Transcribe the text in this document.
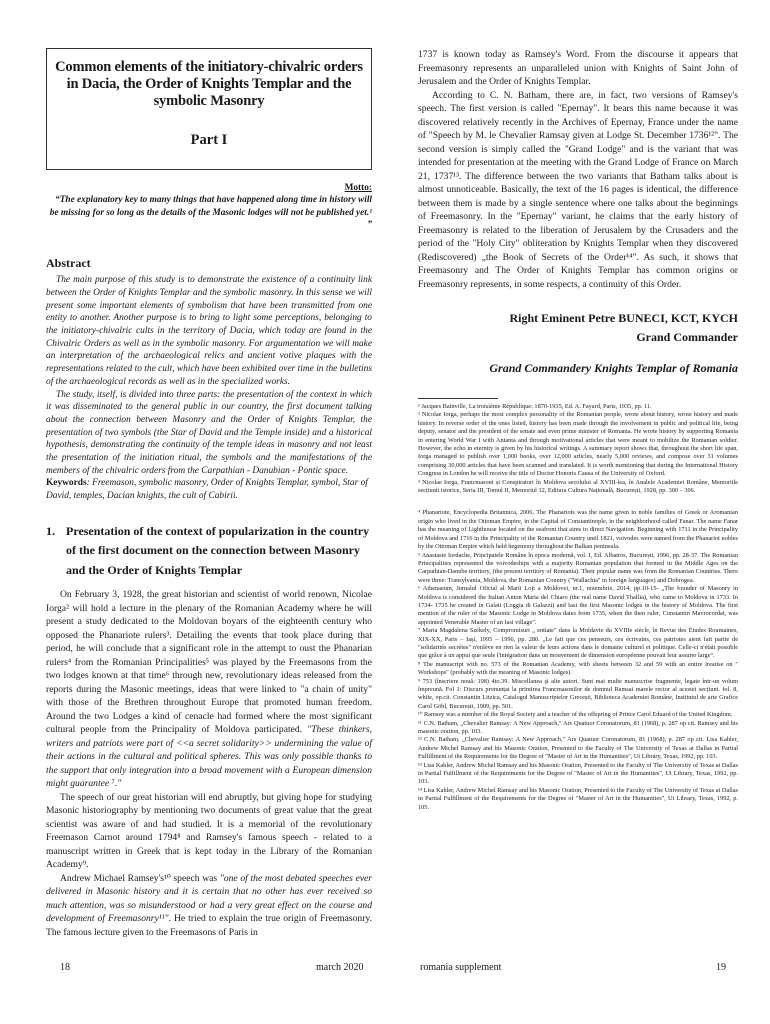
Common elements of the initiatory-chivalric orders in Dacia, the Order of Knights Templar and the symbolic Masonry
Part I
Motto:
“The explanatory key to many things that have happened along time in history will be missing for so long as the details of the Masonic lodges will not be published yet.¹ ”
Abstract

The main purpose of this study is to demonstrate the existence of a continuity link between the Order of Knights Templar and the symbolic masonry. In this sense we will present some important elements of symbolism that have been transmitted from one entity to another. Another purpose is to bring to light some perceptions, belonging to the initiatory-chivalric cults in the territory of Dacia, which today are found in the Chivalric Orders as well as in the symbolic masonry. For argumentation we will make an interpretation of the archaeological relics and ancient votive plaques with the representations related to the cult, which have been exhibited over time in the bulletins of the archaeological records as well as in the specialized works.

The study, itself, is divided into three parts: the presentation of the context in which it was disseminated to the general public in our country, the first document talking about the connection between Masonry and the Order of Knights Templar, the presentation of two symbols (the Star of David and the Temple inside) and a historical hypothesis, demonstrating the continuity of the temple ideas in masonry and not least the presentation of the initiation ritual, the symbols and the manifestations of the members of the chivalric orders from the Carpathian - Danubian - Pontic space.

Keywords: Freemason, symbolic masonry, Order of Knights Templar, symbol, Star of David, temples, Dacian knights, the cult of Cabirii.

1. Presentation of the context of popularization in the country of the first document on the connection between Masonry and the Order of Knights Templar

On February 3, 1928, the great historian and scientist of world renown, Nicolae Iorga² will hold a lecture in the plenary of the Romanian Academy where he will present a study dedicated to the Moldovan boyars of the eighteenth century who opposed the Phanariote rulers³. Detailing the events that took place during that period, he will conclude that a significant role in the attempt to oust the Phanarian rulers⁴ from the Romanian Principalities⁵ was played by the Freemasons from the two lodges known at that time⁶ through new, revolutionary ideas released from the reports during the Masonic meetings, ideas that were linked to "a chain of unity" with those of the Brethren throughout Europe that promoted human freedom. Around the two Lodges a kind of cenacle had formed where the most significant cultural people from the Principality of Moldova participated. "These thinkers, writers and patriots were part of <<a secret solidarity>> undermining the value of their actions in the cultural and political spheres. This was only possible thanks to the support that only integration into a broad movement with a European dimension might guarantee ⁷."

The speech of our great historian will end abruptly, but giving hope for studying Masonic historiography by mentioning two documents of great value that the great scientist was aware of and had studied. It is a memorial of the revolutionary Freemason Carnot around 1794⁸ and Ramsey's famous speech - related to a manuscript written in Greek that is kept today in the Library of the Romanian Academy⁹.

Andrew Michael Ramsey's¹⁰ speech was "one of the most debated speeches ever delivered in Masonic history and it is certain that no other has ever received so much attention, was so misunderstood or had a very great effect on the course and development of Freemasonry¹¹". He tried to explain the true origin of Freemasonry. The famous lecture given to the Freemasons of Paris in

1737 is known today as Ramsey's Word. From the discourse it appears that Freemasonry represents an unparalleled union with Knights of Saint John of Jerusalem and the Order of Knights Templar.

According to C. N. Batham, there are, in fact, two versions of Ramsey's speech. The first version is called "Epernay". It bears this name because it was discovered relatively recently in the Archives of Epernay, France under the name of "Speech by M. le Chevalier Ramsay given at Lodge St. December 1736¹²". The second version is simply called the "Grand Lodge" and is the variant that was intended for presentation at the meeting with the Grand Lodge of France on March 21, 1737¹³. The difference between the two variants that Batham talks about is almost unnoticeable. Basically, the text of the 16 pages is identical, the difference between them is made by a single sentence where one talks about the beginnings of Freemasonry. In the "Epernay" variant, he claims that the early history of Freemasonry is related to the liberation of Jerusalem by the Crusaders and the period of the "Holy City" obliteration by Knights Templar when they discovered (Rediscovered) „the Book of Secrets of the Order¹⁴". As such, it shows that Freemasonry and The Order of Knights Templar has common origins or Freemasonry represents, in some respects, a continuity of this Order.

Right Eminent Petre BUNECI, KCT, KYCH
Grand Commander
Grand Commandery Knights Templar of Romania

¹ Jacques Bainville, La troisième République: 1870-1935, Ed. A. Fayard, Paris, 1935, pp. 11.

² Nicolae Iorga, perhaps the most complex personality of the Romanian people, wrote about history, wrote history and made history. In reverse order of the ones listed, history has been made through the involvement in public and political life, being deputy, senator and the president of the senate and even prime minister of Romania. He wrote history by supporting Romania in entering World War I with Antanta and through motivational articles that were meant to mobilize the Romanian soldier. However, the echo in eternity is given by his historical writings. A summary report shows that, throughout the short life span, Iorga managed to publish over 1,000 books, over 12,000 articles, nearly 5,000 reviews, and compose over 31 volumes comprising 30,000 articles that have been scanned and translated. It is worth mentioning that during the International History Congress in London he will receive the title of Doctor Honoris Causa of the University of Oxford.

³ Nicolae Iorga, Francmasoni și Conspiratori în Moldova secolului al XVIII-lea, în Analele Academiei Române, Memoriile secțiunii istorice, Seria III, Tomul II, Memoriul 12, Editura Cultura Națională, București, 1928, pp. 300 – 306.

⁴ Phanariote, Encyclopedia Britannica, 2006. The Phanariots was the name given to noble families of Greek or Aromanian origin who lived in the Ottoman Empire, in the Capital of Constantinople, in the neighborhood called Fanar. The name Fanar has the meaning of Lighthouse located on the seafront that aims to direct Navigation. Beginning with 1711 in the Principality of Moldova and 1716 in the Principality of the Romanian Country until 1821, voivodes were named from the Phanariot nobles by the Ottoman Empire which held hegemony throughout the Balkan peninsula.

⁵ Anastasie Iordache, Principatele Române în epoca modernă, vol. I, Ed. Albatros, București, 1996, pp. 28-37. The Romanian Principalities represented the voivodeships with a majority Romanian population that formed in the Middle Ages on the Carpathian-Danube territory, (the present territory of Romania). Their popular name was from the Romanian Countries. There were three: Transylvania, Moldova, the Romanian Country ("Wallachia" in foreign languages) and Dobrogea.

⁶ Athenaeum, Jurnalul Oficial al Marii Loji a Moldovei, nr.1, noiembrie, 2014, pp.10-15- „The founder of Masonry in Moldova is considered the Italian Anton Maria del Chiaro (the real name David Thallia), who came to Moldova in 1733. In 1734- 1735 he created in Galati (Loggia di Galazzi) and Iasi the first Masonic lodges in the history of Moldova. The first mention of the ruler of the Masonic Lodge in Moldova dates from 1735, when the then ruler, Constantin Mavrocordat, was appointed Venerable Master of an Iasi village".

⁷ Maria Magdalena Székely, Compromisuri „ entiate" dans la Moldavie du XVIIIe siècle, în Revue des Études Roumaines, XIX-XX, Paris – Iași, 1995 – 1996, pp. 280. „Le fait que ces penseurs, ces écrivains, ces patriotes aient fait partie de "solidarités secrètes" n'enlève en rien la valeur de leurs actions dans le domaine culturel et politique. Celle-ci n'était possible que grâce à un appui que seule l'intégration dans un mouvement de dimension européenne pouvait leur assurer large".

⁸ The manuscript with no. 573 of the Romanian Academy, with sheets between 32 and 59 with an entire treatise on " Workshops" (probably with the meaning of Masonic lodges).

⁹ 753 (înscriere nouă: 198) 4to.39. Miscellanea şi alte autori. Sunt mai multe manuscrise fragmente, legate într-un volum împreună. Fol 1: Discurs pronunțat la primirea Francmasonilor de domnul Ramsai marele rector al acestei secțiuni. fol. 8, white, op.cit. Constantin Litzica, Catalogul Manuscriptelor Grecești, Biblioteca Academiei Române, Institutul de arte Grafice Carol Göbl, București, 1909, pp. 501.

¹⁰ Ramsey was a member of the Royal Society and a teacher of the offspring of Prince Carol Eduard of the United Kingdom.

¹¹ C.N. Batham, „Chevalier Ramsay: A New Approach," Ars Quatuor Coronatorum, 81 (1968), p. 287 op cit. Ramsey and his masonic oration, pp. 103.

¹² C.N. Batham, „Chevalier Ramsay: A New Approach," Ars Quatuor Coronatorum, 81 (1968), p. 287 op cit. Lisa Kahler, Andrew Michel Ramsay and his Masonic Oration, Presented to the Faculty of The University of Texas at Dallas in Partial Fulfillment of the Requirements for the Degree of "Master of Art in the Humanities", Ut Library, Texas, 1992, pp. 103.

¹³ Lisa Kahler, Andrew Michel Ramsay and his Masonic Oration, Presented to the Faculty of The University of Texas at Dallas in Partial Fulfillment of the Requirements for the Degree of "Master of Art in the Humanities", Ut Library, Texas, 1992, pp. 103.

¹⁴ Lisa Kahler, Andrew Michel Ramsay and his Masonic Oration, Presented to the Faculty of The University of Texas at Dallas in Partial Fulfillment of the Requirements for the Degree of "Master of Art in the Humanities", Ut Library, Texas, 1992, p. 105.

18	march 2020	romania supplement	19
